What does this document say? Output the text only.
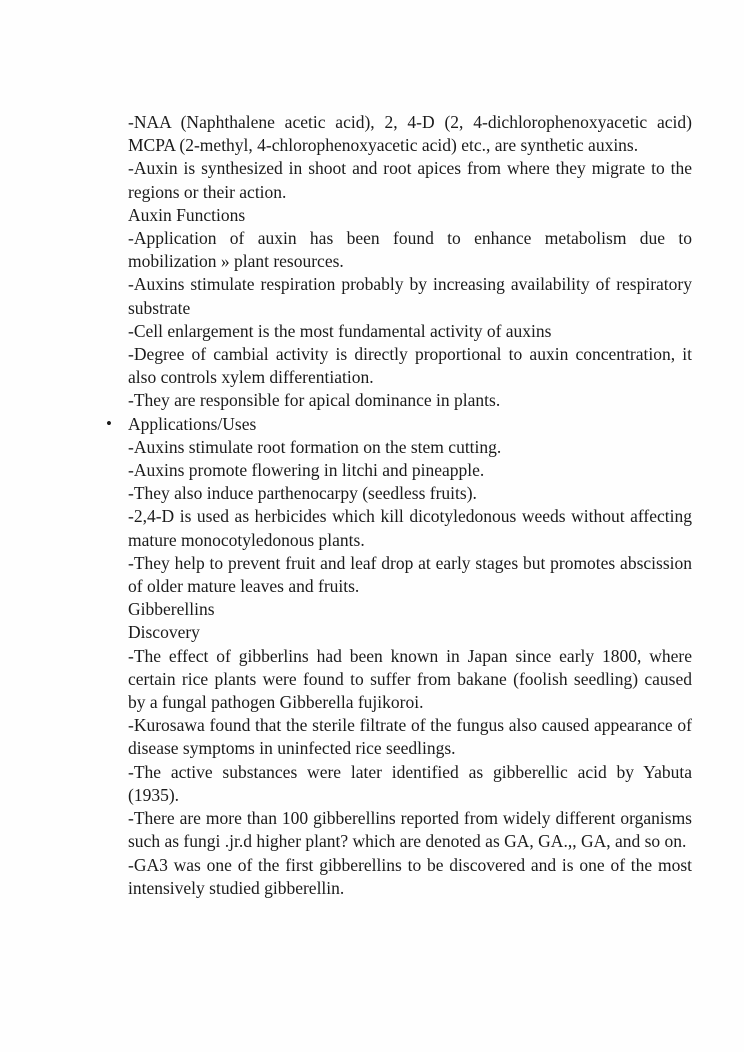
-NAA (Naphthalene acetic acid), 2, 4-D (2, 4-dichlorophenoxyacetic acid) MCPA (2-methyl, 4-chlorophenoxyacetic acid) etc., are synthetic auxins.

-Auxin is synthesized in shoot and root apices from where they migrate to the regions or their action.

Auxin Functions

-Application of auxin has been found to enhance metabolism due to mobilization » plant resources.

-Auxins stimulate respiration probably by increasing availability of respiratory substrate

-Cell enlargement is the most fundamental activity of auxins

-Degree of cambial activity is directly proportional to auxin concentration, it also controls xylem differentiation.

-They are responsible for apical dominance in plants.

• Applications/Uses

-Auxins stimulate root formation on the stem cutting.

-Auxins promote flowering in litchi and pineapple.

-They also induce parthenocarpy (seedless fruits).

-2,4-D is used as herbicides which kill dicotyledonous weeds without affecting mature monocotyledonous plants.

-They help to prevent fruit and leaf drop at early stages but promotes abscission of older mature leaves and fruits.

Gibberellins

Discovery

-The effect of gibberlins had been known in Japan since early 1800, where certain rice plants were found to suffer from bakane (foolish seedling) caused by a fungal pathogen Gibberella fujikoroi.

-Kurosawa found that the sterile filtrate of the fungus also caused appearance of disease symptoms in uninfected rice seedlings.

-The active substances were later identified as gibberellic acid by Yabuta (1935).

-There are more than 100 gibberellins reported from widely different organisms such as fungi .jr.d higher plant? which are denoted as GA, GA.,, GA, and so on.

-GA3 was one of the first gibberellins to be discovered and is one of the most intensively studied gibberellin.
